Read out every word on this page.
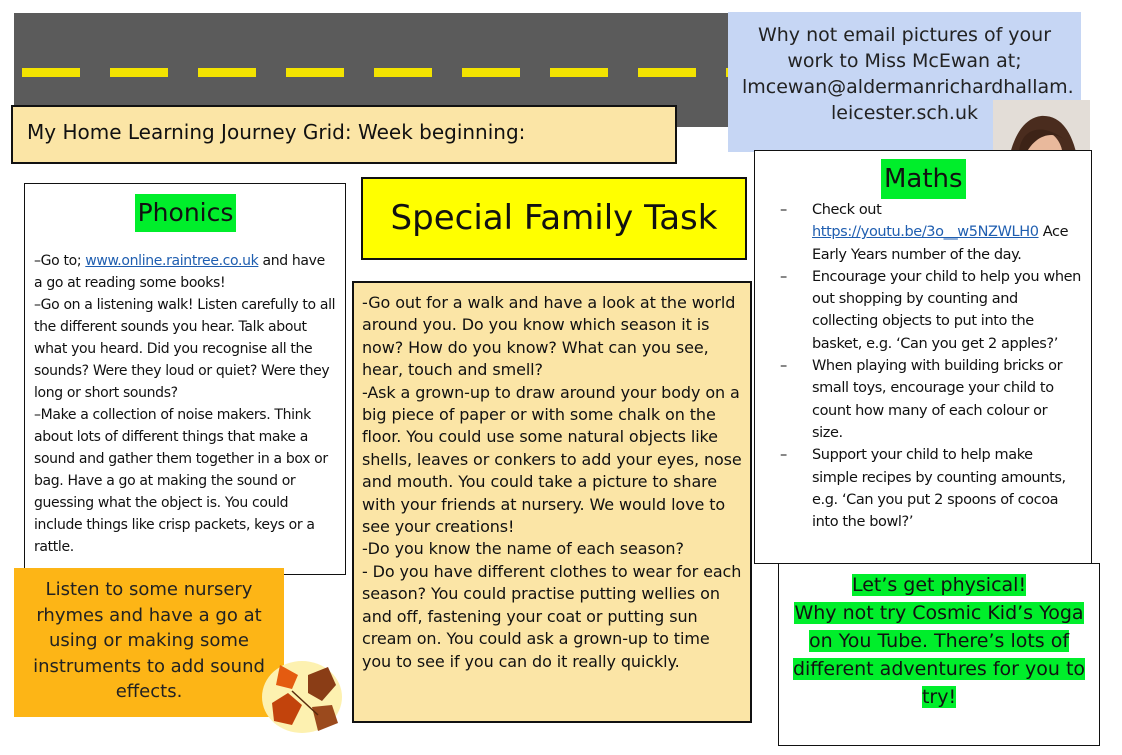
Why not email pictures of your
work to Miss McEwan at;
lmcewan@aldermanrichardhallam.
leicester.sch.uk
My Home Learning Journey Grid: Week beginning:
Phonics
–Go to; www.online.raintree.co.uk and have a go at reading some books!
–Go on a listening walk! Listen carefully to all the different sounds you hear. Talk about what you heard. Did you recognise all the sounds? Were they loud or quiet? Were they long or short sounds?
–Make a collection of noise makers. Think about lots of different things that make a sound and gather them together in a box or bag. Have a go at making the sound or guessing what the object is. You could include things like crisp packets, keys or a rattle.
Listen to some nursery rhymes and have a go at using or making some instruments to add sound effects.
Special Family Task
-Go out for a walk and have a look at the world around you. Do you know which season it is now? How do you know? What can you see, hear, touch and smell?
-Ask a grown-up to draw around your body on a big piece of paper or with some chalk on the floor. You could use some natural objects like shells, leaves or conkers to add your eyes, nose and mouth. You could take a picture to share with your friends at nursery. We would love to see your creations!
-Do you know the name of each season?
- Do you have different clothes to wear for each season? You could practise putting wellies on and off, fastening your coat or putting sun cream on. You could ask a grown-up to time you to see if you can do it really quickly.
Maths
– Check out https://youtu.be/3o__w5NZWLH0 Ace Early Years number of the day.
– Encourage your child to help you when out shopping by counting and collecting objects to put into the basket, e.g. ‘Can you get 2 apples?’
– When playing with building bricks or small toys, encourage your child to count how many of each colour or size.
– Support your child to help make simple recipes by counting amounts, e.g. ‘Can you put 2 spoons of cocoa into the bowl?’
Let’s get physical!
Why not try Cosmic Kid’s Yoga on You Tube. There’s lots of different adventures for you to try!
